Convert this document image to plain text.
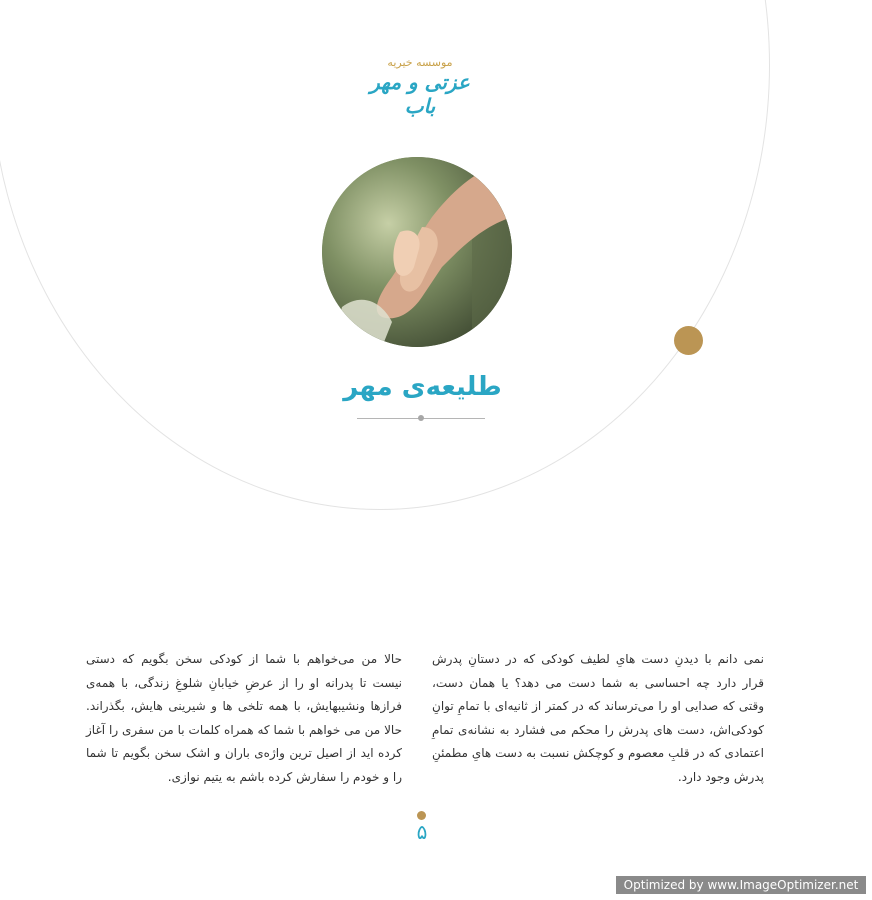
موسسه خیریه
عزتی و مهر باب
طلیعه‌ی مهر

نمی دانم با دیدنِ دست هایِ لطیف کودکی که در دستانِ پدرش قرار دارد چه احساسی به شما دست می دهد؟ یا همان دست، وقتی که صدایی او را می‌ترساند که در کمتر از ثانیه‌ای با تمامِ توانِ کودکی‌اش، دست های پدرش را محکم می فشارد به نشانه‌ی تمامِ اعتمادی که در قلبِ معصوم و کوچکش نسبت به دست هایِ مطمئنِ پدرش وجود دارد.

حالا من می‌خواهم با شما از کودکی سخن بگویم که دستی نیست تا پدرانه او را از عرضِ خیابانِ شلوغِ زندگی، با همه‌ی فرازها ونشیبهایش، با همه تلخی ها و شیرینی هایش، بگذراند. حالا من می خواهم با شما که همراه کلمات با من سفری را آغاز کرده اید از اصیل ترین واژه‌ی باران و اشک سخن بگویم تا شما را و خودم را سفارش کرده باشم به یتیم نوازی.

۵
Optimized by www.ImageOptimizer.net
